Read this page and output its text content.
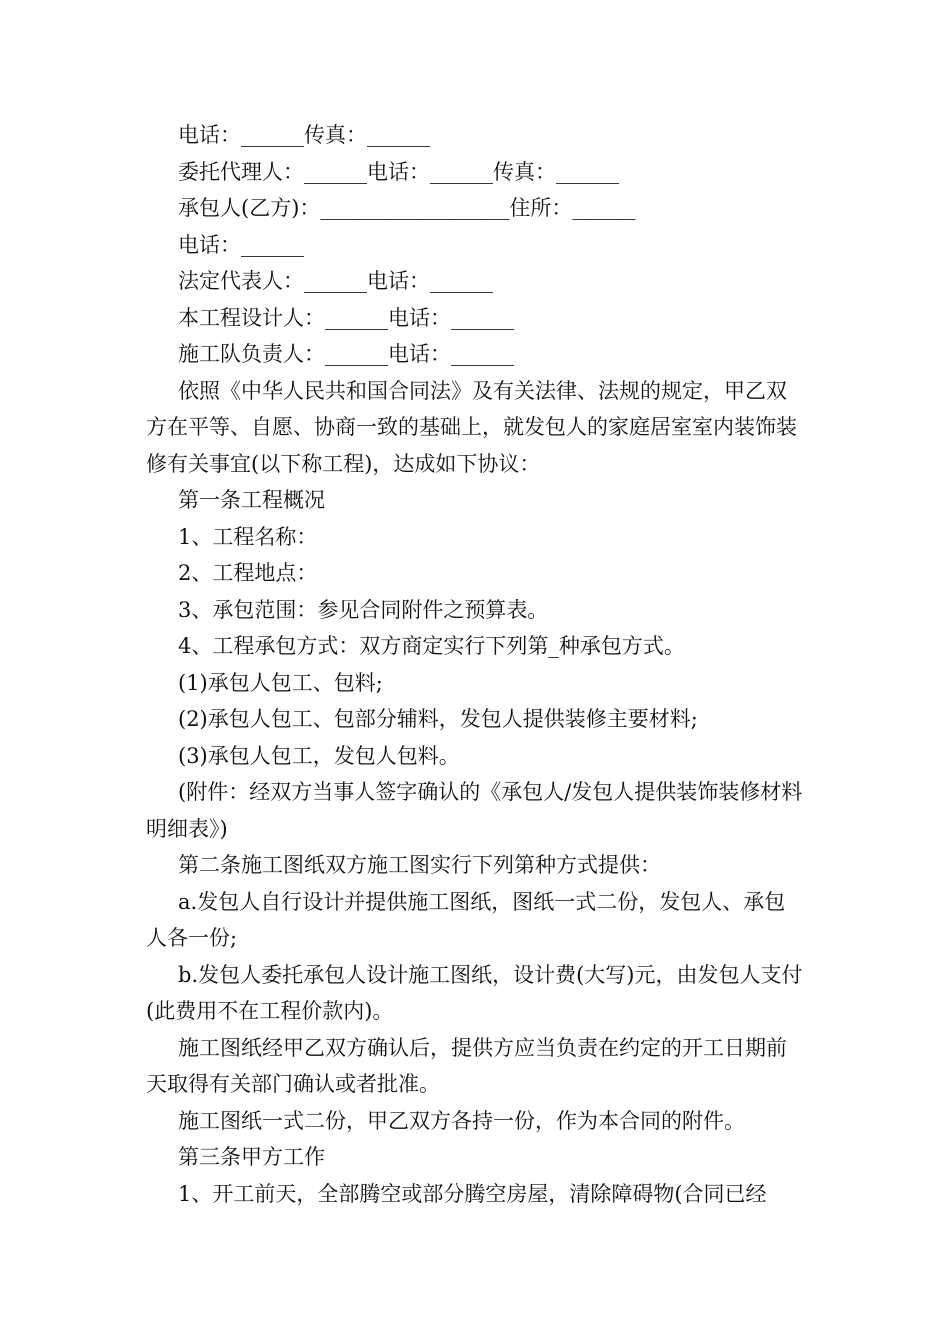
电话：______传真：______

委托代理人：______电话：______传真：______

承包人(乙方)：__________________住所：______

电话：______

法定代表人：______电话：______

本工程设计人：______电话：______

施工队负责人：______电话：______

依照《中华人民共和国合同法》及有关法律、法规的规定，甲乙双方在平等、自愿、协商一致的基础上，就发包人的家庭居室室内装饰装修有关事宜(以下称工程)，达成如下协议：

第一条工程概况

1、工程名称：

2、工程地点：

3、承包范围：参见合同附件之预算表。

4、工程承包方式：双方商定实行下列第_种承包方式。

(1)承包人包工、包料;

(2)承包人包工、包部分辅料，发包人提供装修主要材料;

(3)承包人包工，发包人包料。

(附件：经双方当事人签字确认的《承包人/发包人提供装饰装修材料明细表》)

第二条施工图纸双方施工图实行下列第种方式提供：

a.发包人自行设计并提供施工图纸，图纸一式二份，发包人、承包人各一份;

b.发包人委托承包人设计施工图纸，设计费(大写)元，由发包人支付(此费用不在工程价款内)。

施工图纸经甲乙双方确认后，提供方应当负责在约定的开工日期前天取得有关部门确认或者批准。

施工图纸一式二份，甲乙双方各持一份，作为本合同的附件。

第三条甲方工作

1、开工前天，全部腾空或部分腾空房屋，清除障碍物(合同已经
